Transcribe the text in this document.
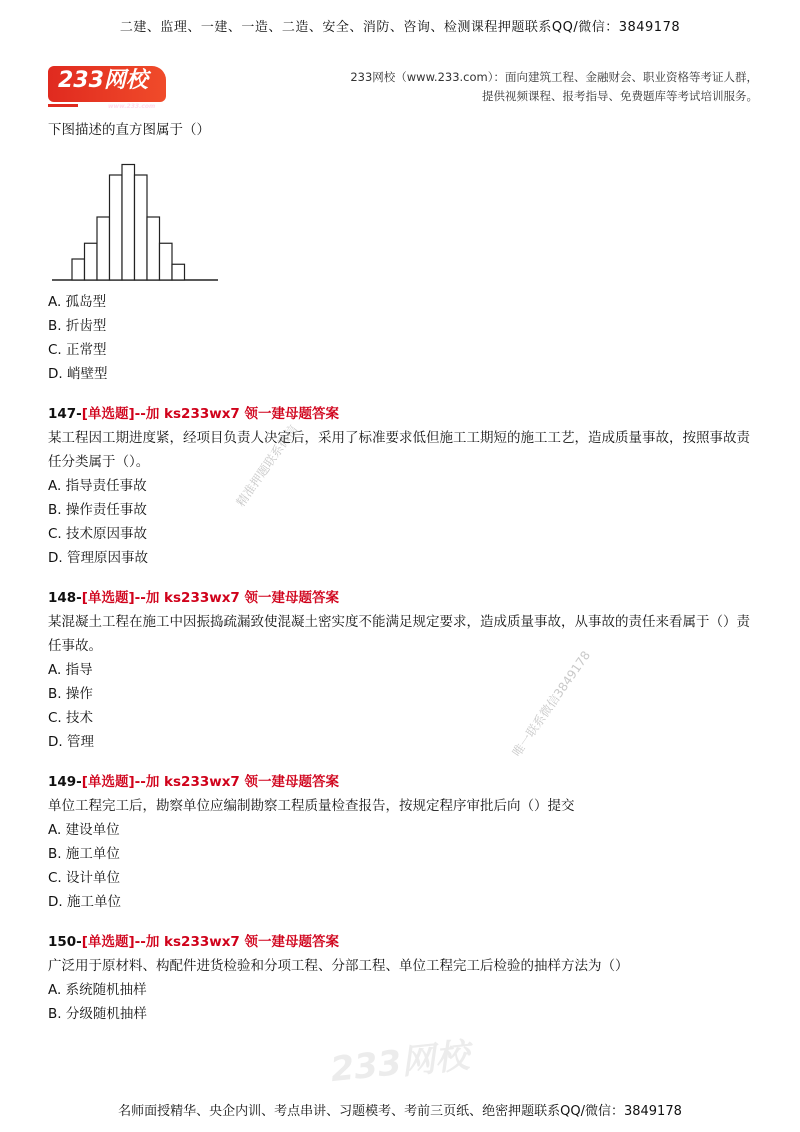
二建、监理、一建、一造、二造、安全、消防、咨询、检测课程押题联系QQ/微信：3849178
233网校
www.233.com
233网校（www.233.com）：面向建筑工程、金融财会、职业资格等考证人群，
提供视频课程、报考指导、免费题库等考试培训服务。
233网校
精准押题联系微信
唯一联系微信3849178

下图描述的直方图属于（）

A. 孤岛型

B. 折齿型

C. 正常型

D. 峭壁型

147-[单选题]--加 ks233wx7 领一建母题答案

某工程因工期进度紧，经项目负责人决定后，采用了标准要求低但施工工期短的施工工艺，造成质量事故，按照事故责任分类属于（）。

A. 指导责任事故

B. 操作责任事故

C. 技术原因事故

D. 管理原因事故

148-[单选题]--加 ks233wx7 领一建母题答案

某混凝土工程在施工中因振捣疏漏致使混凝土密实度不能满足规定要求，造成质量事故，从事故的责任来看属于（）责任事故。

A. 指导

B. 操作

C. 技术

D. 管理

149-[单选题]--加 ks233wx7 领一建母题答案

单位工程完工后，勘察单位应编制勘察工程质量检查报告，按规定程序审批后向（）提交

A. 建设单位

B. 施工单位

C. 设计单位

D. 施工单位

150-[单选题]--加 ks233wx7 领一建母题答案

广泛用于原材料、构配件进货检验和分项工程、分部工程、单位工程完工后检验的抽样方法为（）

A. 系统随机抽样

B. 分级随机抽样

名师面授精华、央企内训、考点串讲、习题模考、考前三页纸、绝密押题联系QQ/微信：3849178
